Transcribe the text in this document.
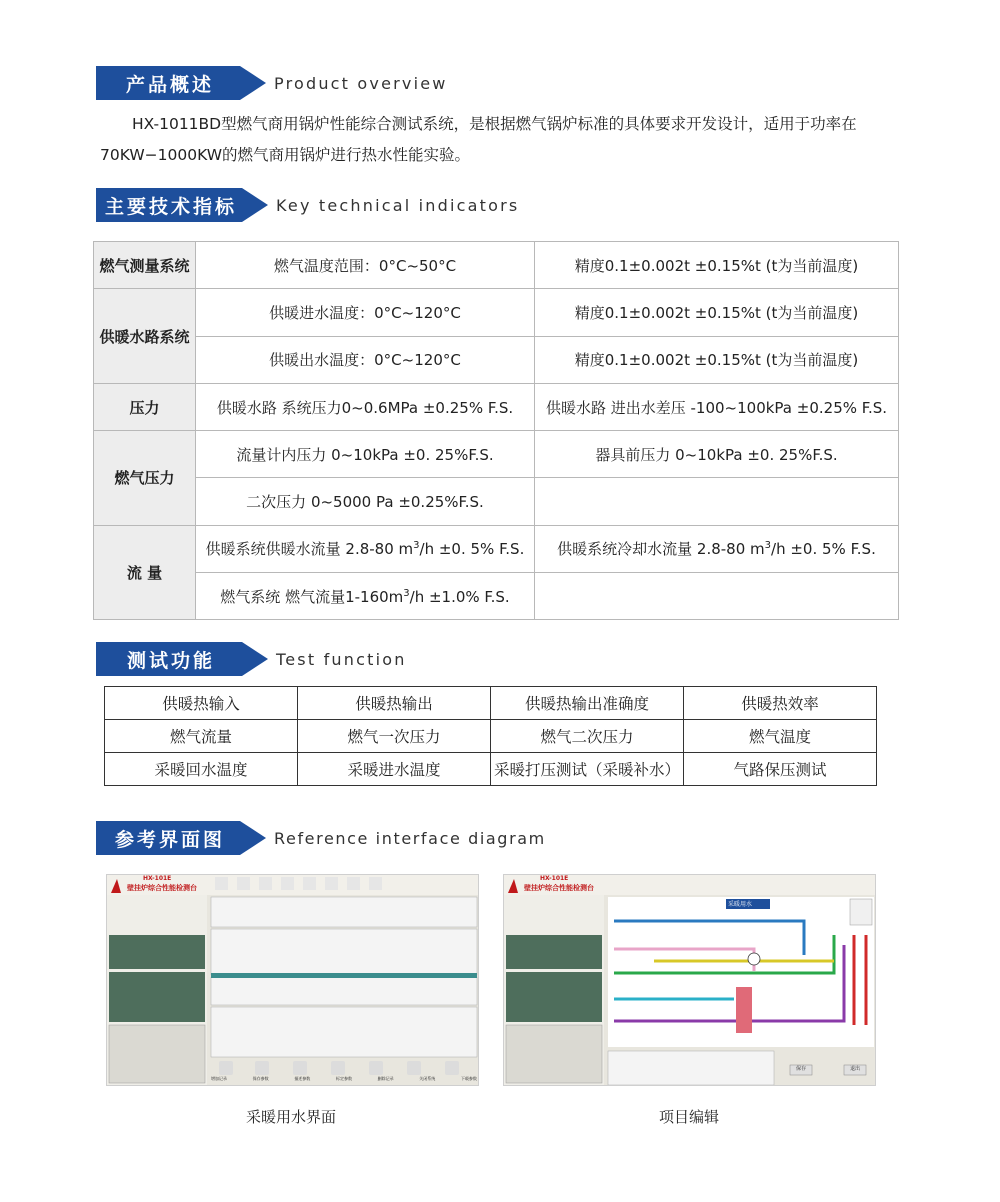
产品概述	Product overview
HX-1011BD型燃气商用锅炉性能综合测试系统，是根据燃气锅炉标准的具体要求开发设计，适用于功率在
70KW−1000KW的燃气商用锅炉进行热水性能实验。
主要技术指标	Key technical indicators
燃气测量系统	燃气温度范围：0°C~50°C	精度0.1±0.002t ±0.15%t (t为当前温度)
供暖水路系统	供暖进水温度：0°C~120°C	精度0.1±0.002t ±0.15%t (t为当前温度)
	供暖出水温度：0°C~120°C	精度0.1±0.002t ±0.15%t (t为当前温度)
压力	供暖水路 系统压力0~0.6MPa ±0.25% F.S.	供暖水路 进出水差压 -100~100kPa ±0.25% F.S.
燃气压力	流量计内压力 0~10kPa ±0. 25%F.S.	器具前压力 0~10kPa ±0. 25%F.S.
	二次压力 0~5000 Pa ±0.25%F.S.	
流 量	供暖系统供暖水流量 2.8-80 $m^3/h \pm 0$. 5% F.S.	供暖系统冷却水流量 2.8-80 $m^3/h \pm 0$. 5% F.S.
	燃气系统 燃气流量$1-160m^3/h \pm 1.0\%$ F.S.	
测试功能	Test function
供暖热输入	供暖热输出	供暖热输出准确度	供暖热效率
燃气流量	燃气一次压力	燃气二次压力	燃气温度
采暖回水温度	采暖进水温度	采暖打压测试（采暖补水）	气路保压测试
参考界面图	Reference interface diagram
HX-101E
壁挂炉综合性能检测台
增加记录	保存参数	描述参数	标定参数	删除记录	关闭系统	下载参数
HX-101E
壁挂炉综合性能检测台
采暖用水
保存	退出
采暖用水界面	项目编辑
